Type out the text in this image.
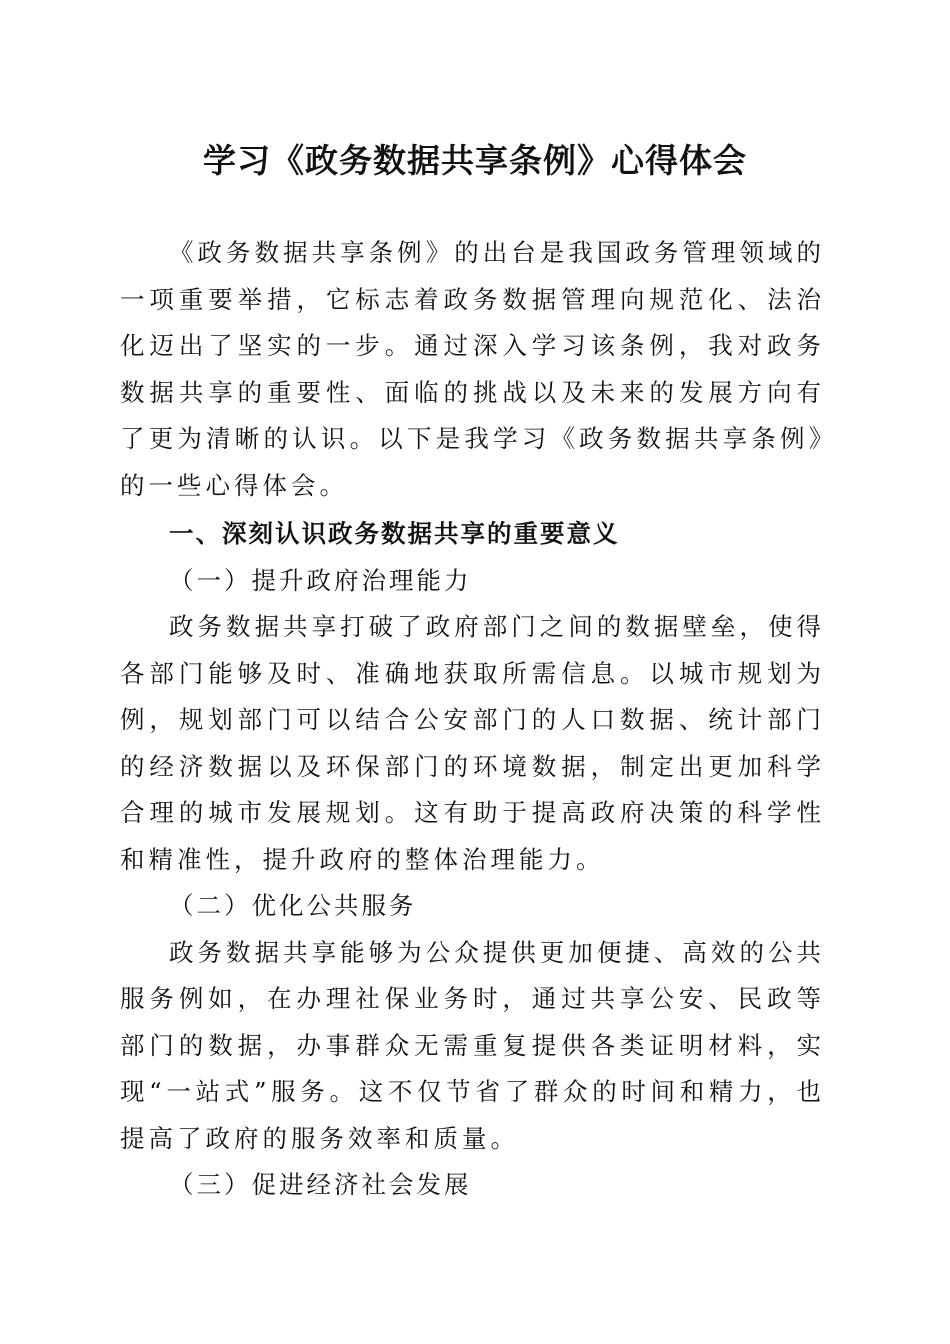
学习《政务数据共享条例》心得体会

《政务数据共享条例》的出台是我国政务管理领域的一项重要举措，它标志着政务数据管理向规范化、法治化迈出了坚实的一步。通过深入学习该条例，我对政务数据共享的重要性、面临的挑战以及未来的发展方向有了更为清晰的认识。以下是我学习《政务数据共享条例》的一些心得体会。

一、深刻认识政务数据共享的重要意义

（一）提升政府治理能力

政务数据共享打破了政府部门之间的数据壁垒，使得各部门能够及时、准确地获取所需信息。以城市规划为例，规划部门可以结合公安部门的人口数据、统计部门的经济数据以及环保部门的环境数据，制定出更加科学合理的城市发展规划。这有助于提高政府决策的科学性和精准性，提升政府的整体治理能力。

（二）优化公共服务

政务数据共享能够为公众提供更加便捷、高效的公共服务例如，在办理社保业务时，通过共享公安、民政等部门的数据，办事群众无需重复提供各类证明材料，实现“一站式”服务。这不仅节省了群众的时间和精力，也提高了政府的服务效率和质量。

（三）促进经济社会发展
